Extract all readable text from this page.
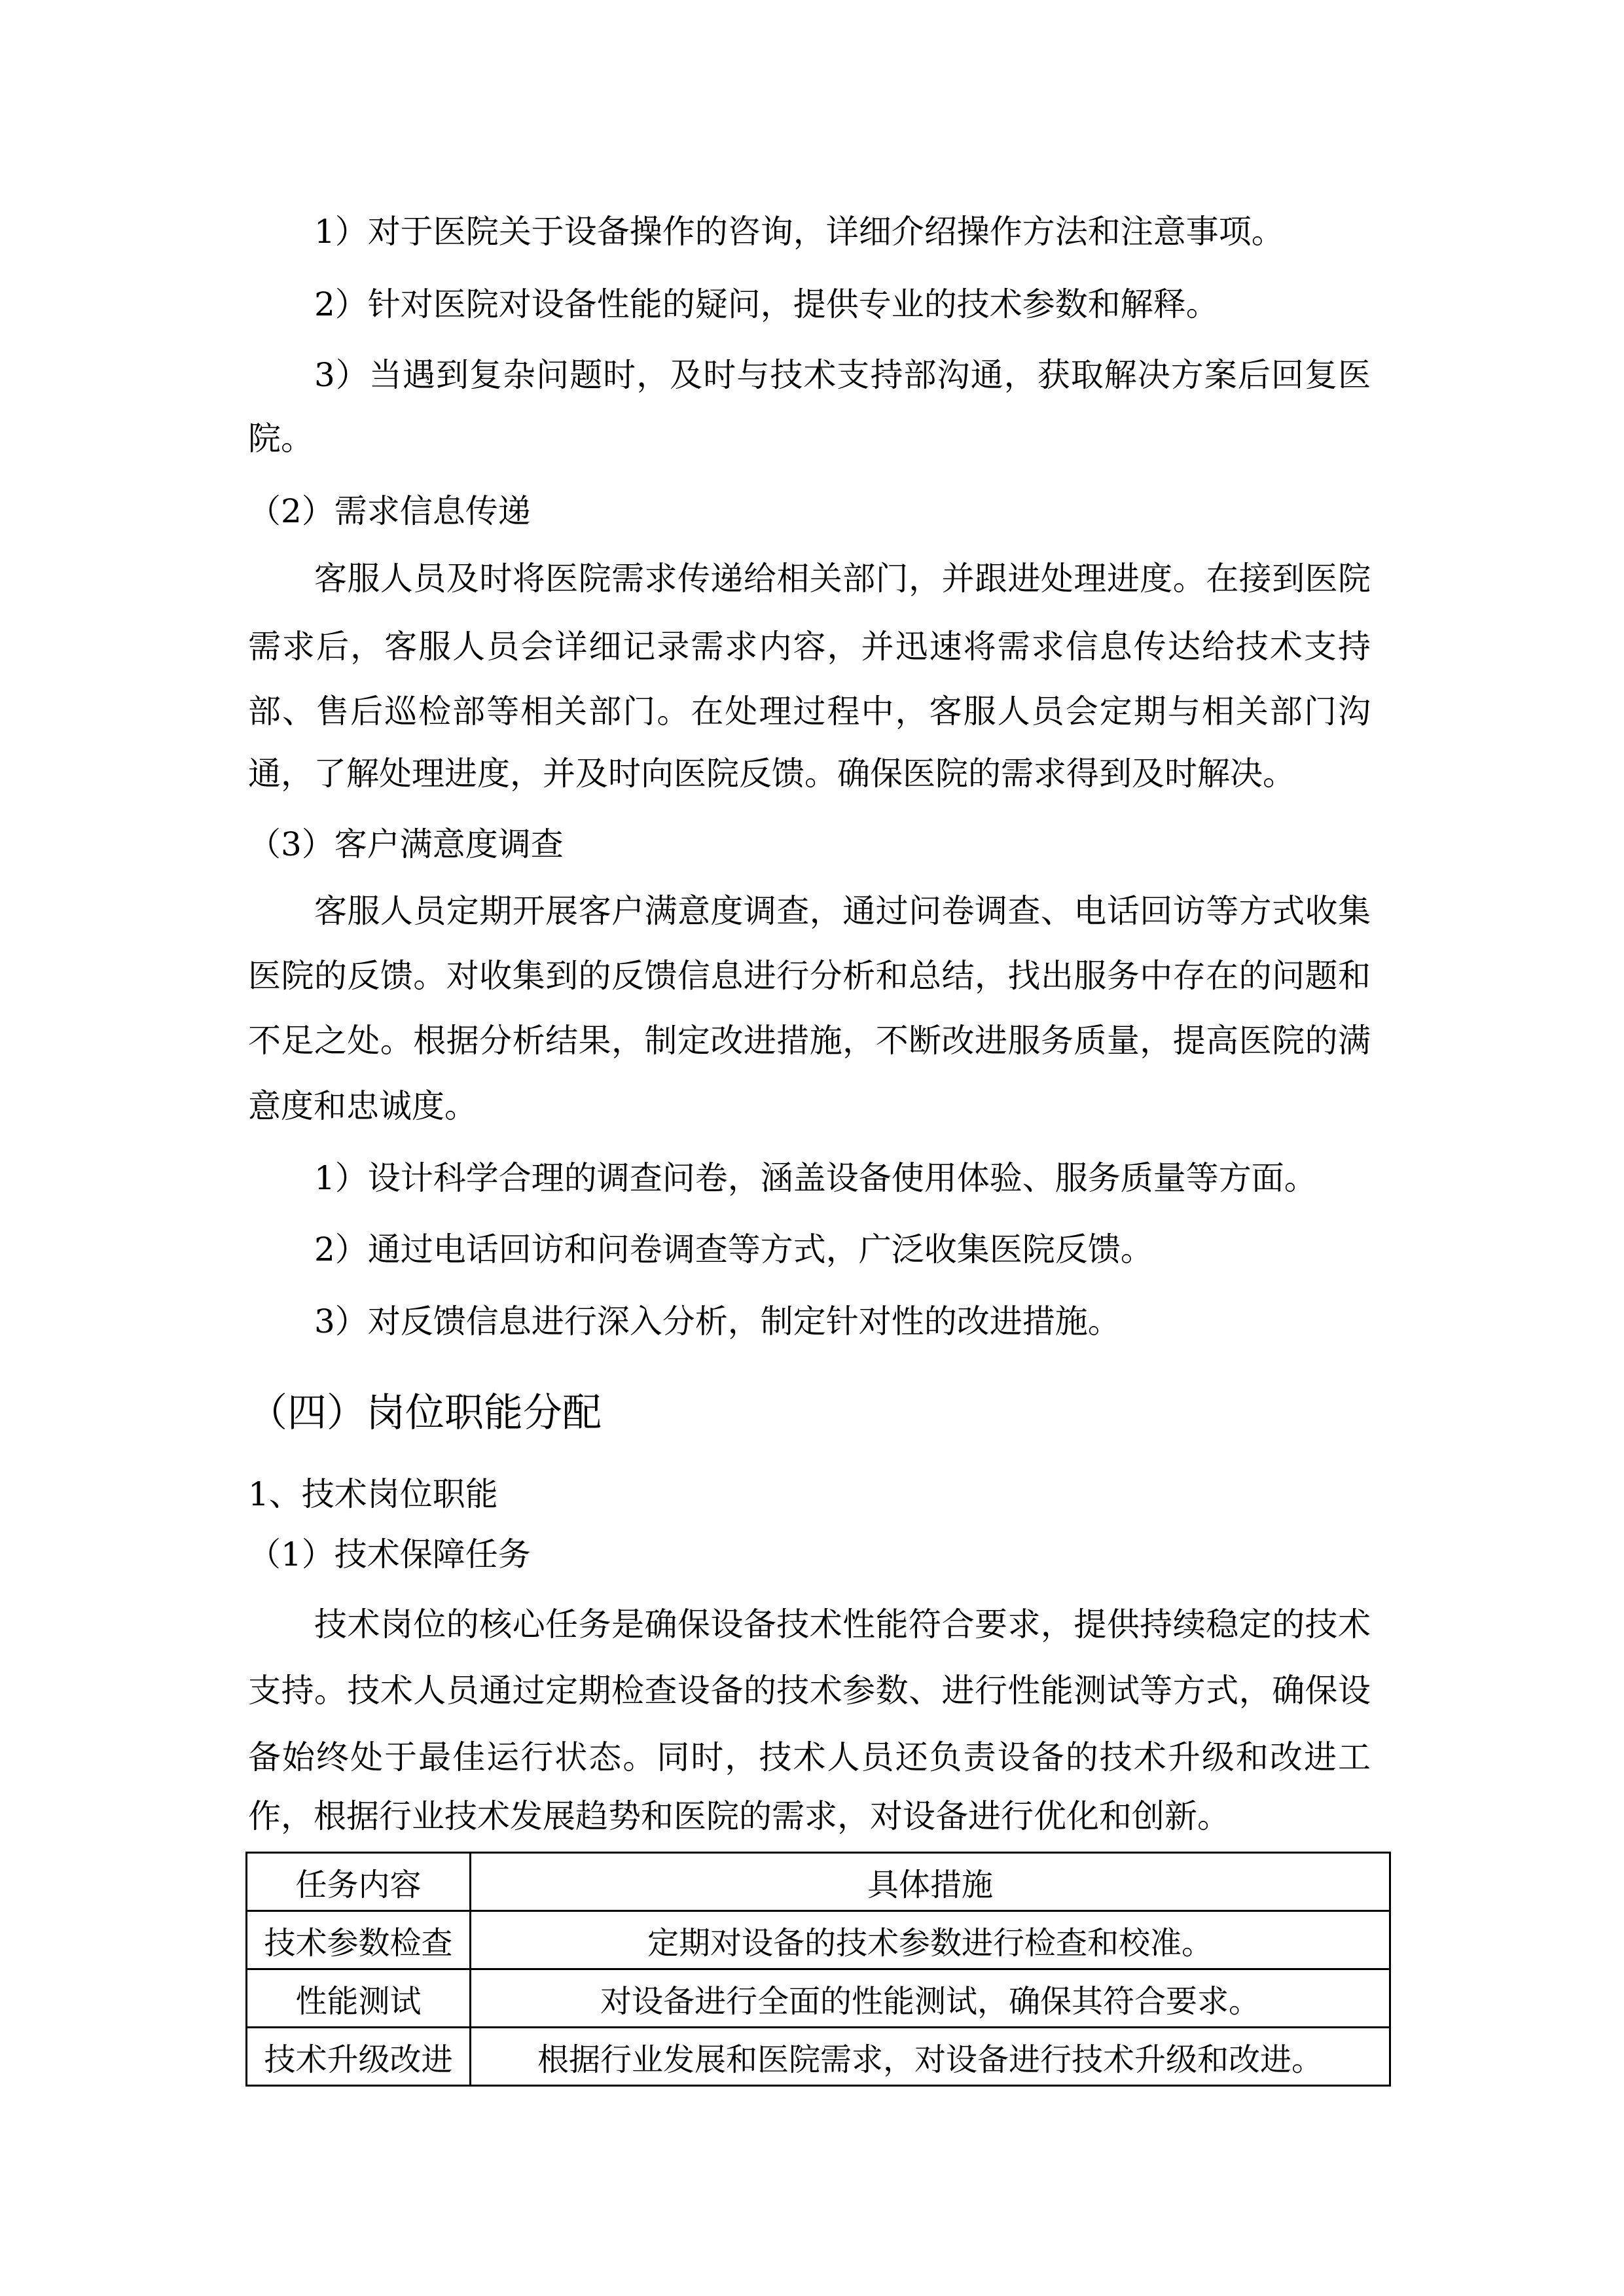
1）对于医院关于设备操作的咨询，详细介绍操作方法和注意事项。
2）针对医院对设备性能的疑问，提供专业的技术参数和解释。
3）当遇到复杂问题时，及时与技术支持部沟通，获取解决方案后回复医
院。
（2）需求信息传递
客服人员及时将医院需求传递给相关部门，并跟进处理进度。在接到医院
需求后，客服人员会详细记录需求内容，并迅速将需求信息传达给技术支持
部、售后巡检部等相关部门。在处理过程中，客服人员会定期与相关部门沟
通，了解处理进度，并及时向医院反馈。确保医院的需求得到及时解决。
（3）客户满意度调查
客服人员定期开展客户满意度调查，通过问卷调查、电话回访等方式收集
医院的反馈。对收集到的反馈信息进行分析和总结，找出服务中存在的问题和
不足之处。根据分析结果，制定改进措施，不断改进服务质量，提高医院的满
意度和忠诚度。
1）设计科学合理的调查问卷，涵盖设备使用体验、服务质量等方面。
2）通过电话回访和问卷调查等方式，广泛收集医院反馈。
3）对反馈信息进行深入分析，制定针对性的改进措施。
（四）岗位职能分配
1、技术岗位职能
（1）技术保障任务
技术岗位的核心任务是确保设备技术性能符合要求，提供持续稳定的技术
支持。技术人员通过定期检查设备的技术参数、进行性能测试等方式，确保设
备始终处于最佳运行状态。同时，技术人员还负责设备的技术升级和改进工
作，根据行业技术发展趋势和医院的需求，对设备进行优化和创新。
任务内容	具体措施
技术参数检查	定期对设备的技术参数进行检查和校准。
性能测试	对设备进行全面的性能测试，确保其符合要求。
技术升级改进	根据行业发展和医院需求，对设备进行技术升级和改进。
